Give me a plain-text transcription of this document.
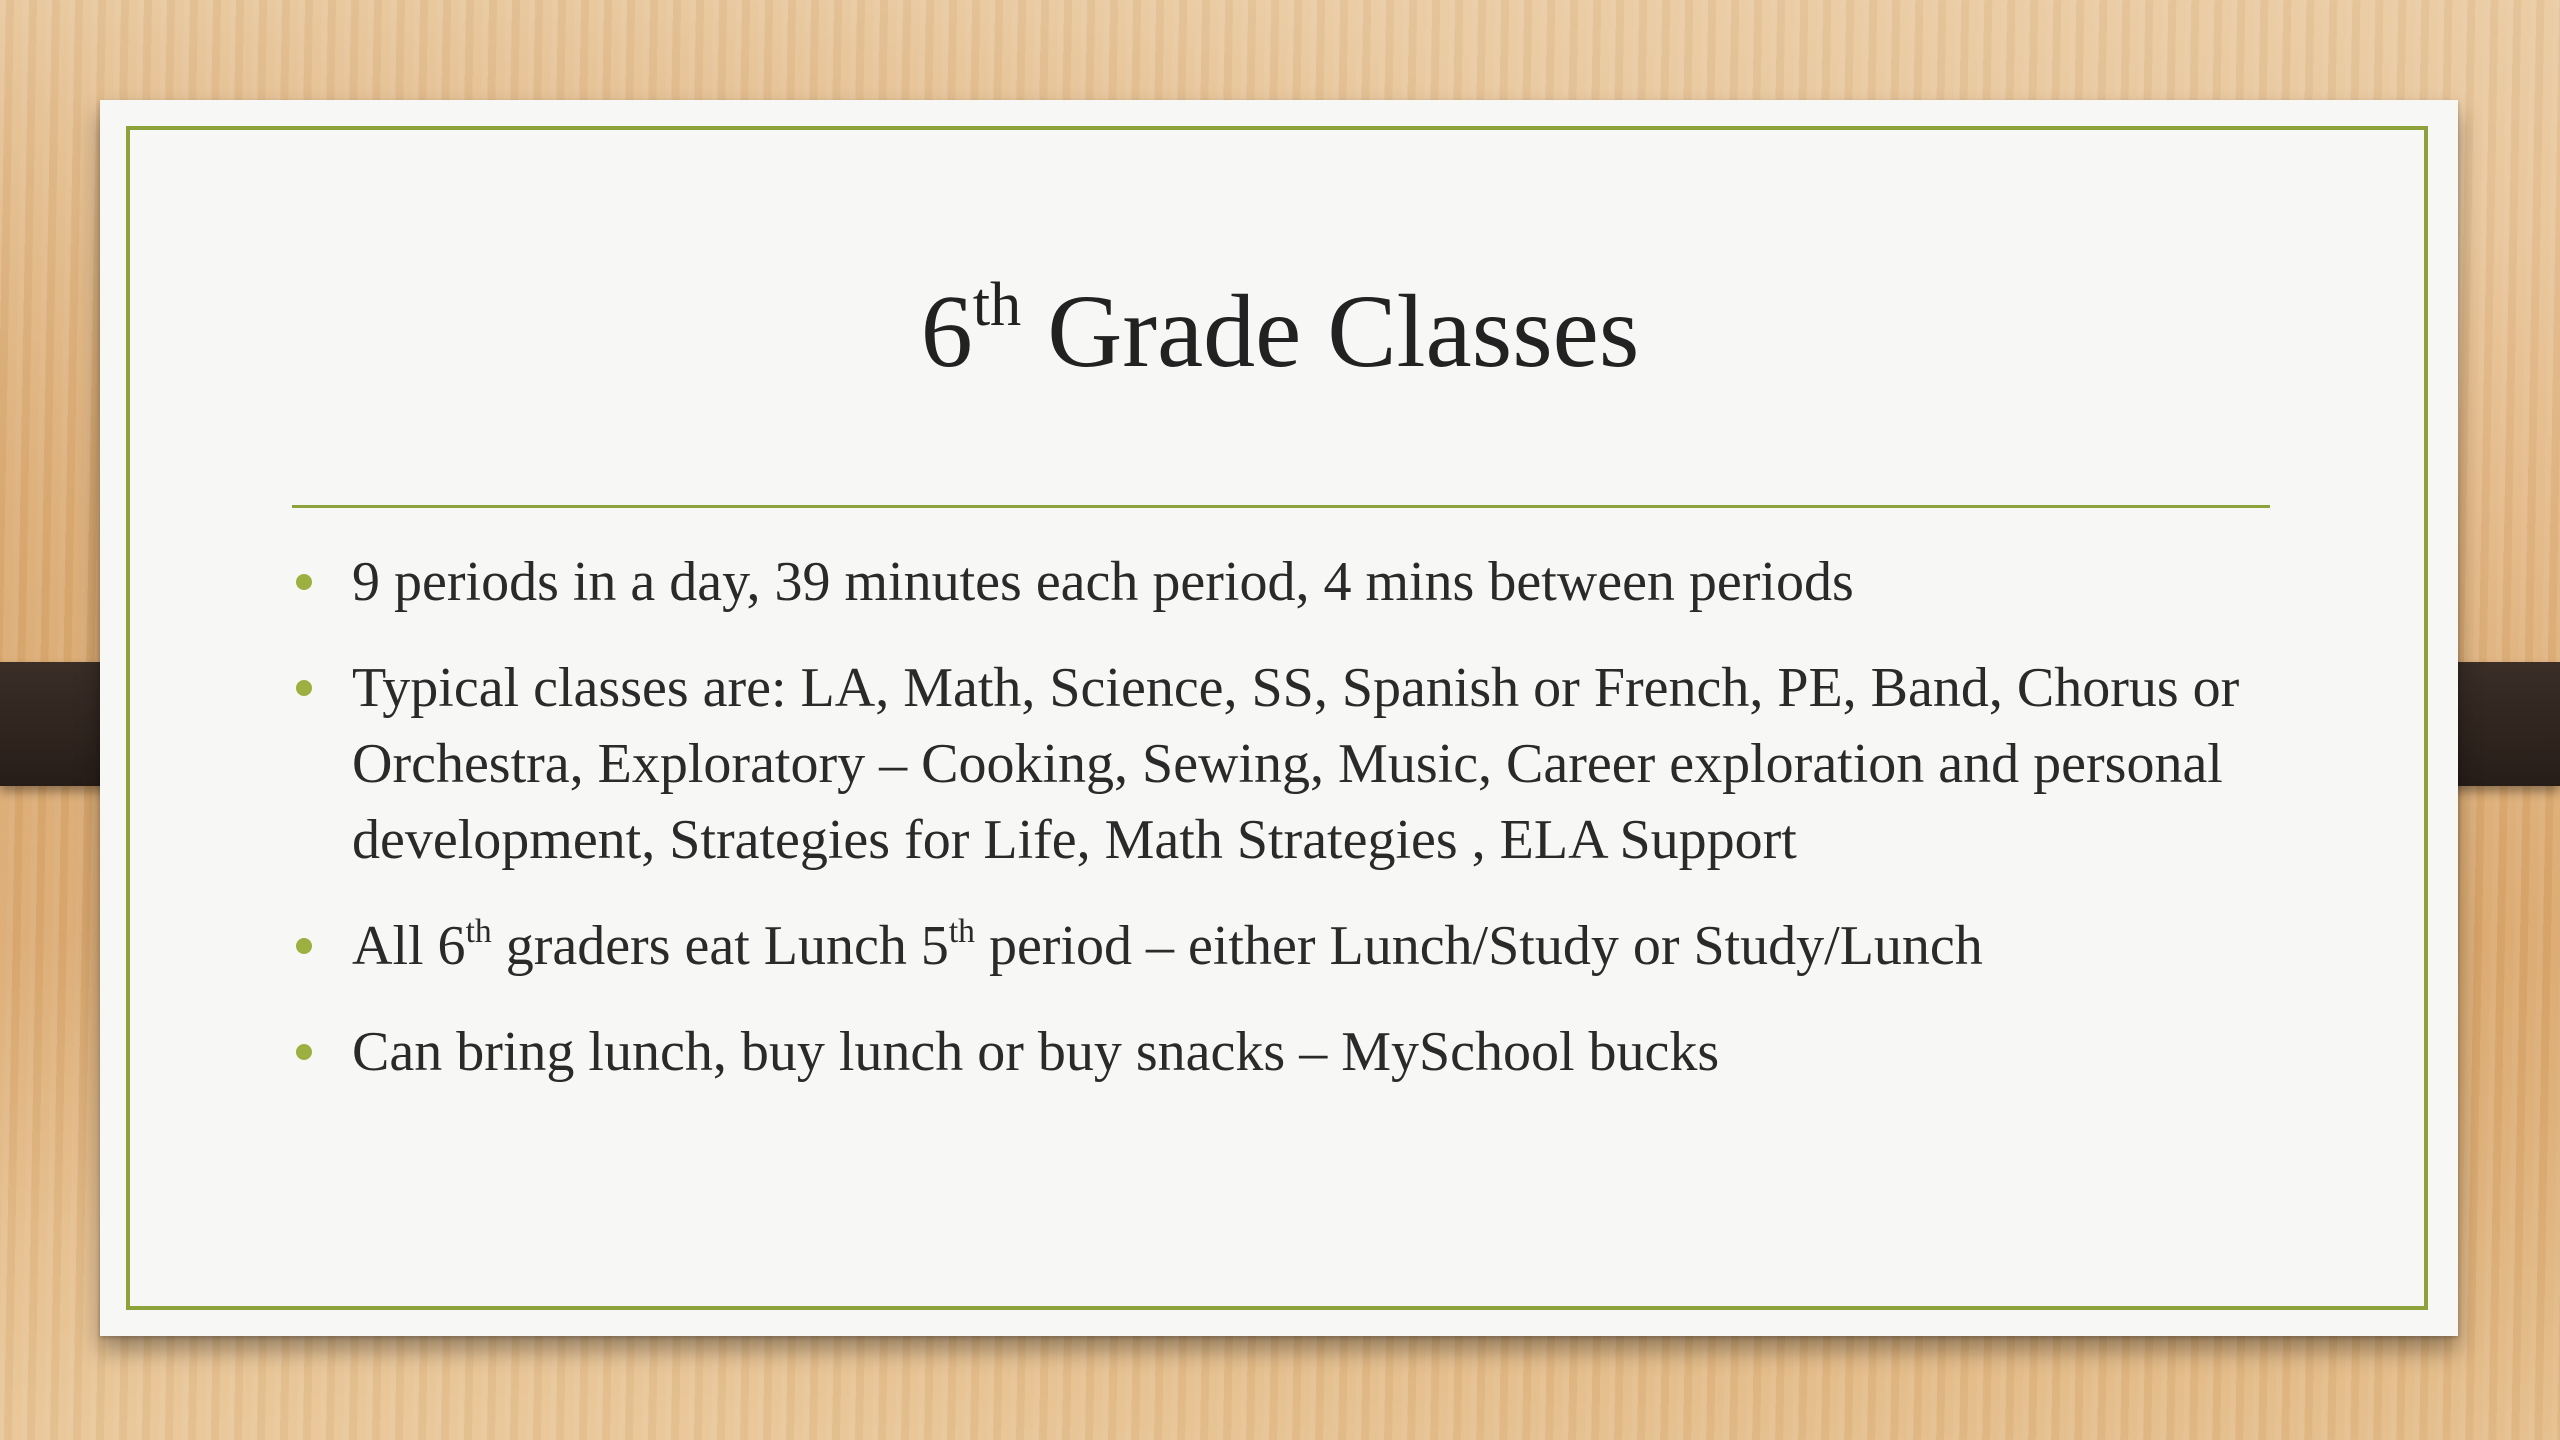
6th Grade Classes
9 periods in a day, 39 minutes each period, 4 mins between periods
Typical classes are: LA, Math, Science, SS, Spanish or French, PE, Band, Chorus or Orchestra, Exploratory – Cooking, Sewing, Music, Career exploration and personal development, Strategies for Life, Math Strategies , ELA Support
All 6th graders eat Lunch 5th period – either Lunch/Study or Study/Lunch
Can bring lunch, buy lunch or buy snacks – MySchool bucks
